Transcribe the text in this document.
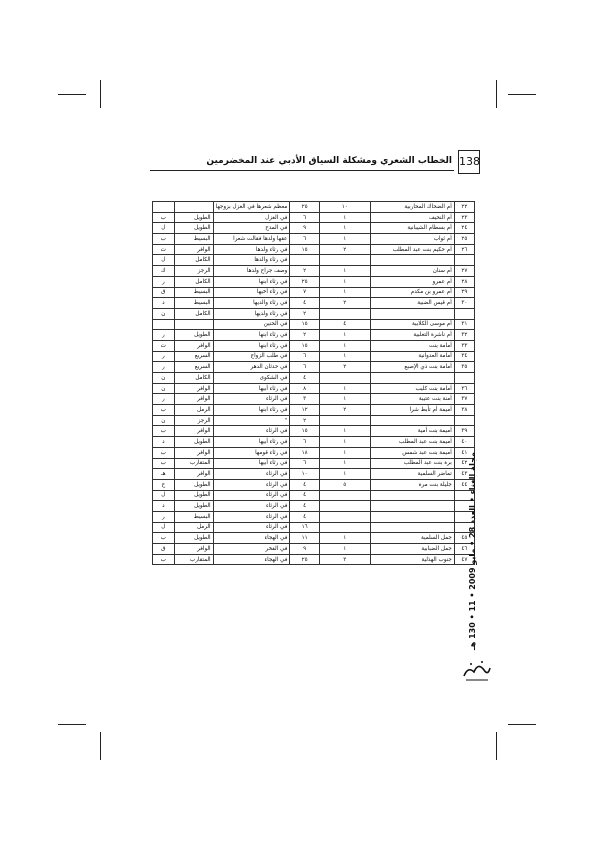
الخطاب الشعري ومشكلة السياق الأدبي عند المخضرمين 138
٢٢	أم الضحاك المحاربية	١٠	٢٥	معظم شعرها في الغزل بزوجها		
٢٣	أم النحيف	١	٦	في الغزل	الطويل	ب
٢٤	أم بسطام الشيبانية	١	٩	في المدح	الطويل	ل
٢٥	أم ثواب	١	٦	عقها ولدها فقالت شعرا	البسيط	ب
٢٦	أم حكيم بنت عبد المطلب	٢	١٥	في رثاء ولدها	الوافر	ت
				في رثاء والدها	الكامل	ل
٢٧	أم سنان	١	٢	وصف جراح ولدها	الرجز	ك
٢٨	أم عمرو	١	٢٥	في رثاء ابنها	الكامل	ر
٢٩	أم عمرو بن مكدم	١	٧	في رثاء أخيها	البسيط	ق
٣٠	أم قيس الضبية	٢	٤	في رثاء والديها	البسيط	د
			٢	في رثاء ولديها	الكامل	ن
٣١	أم موسى الكلابية	٤	١٥	في الحنين		
٣٢	أم ناشرة التغلبية	١	٢	في رثاء ابنها	الطويل	ر
٣٣	أمامة بنت	١	١٥	في رثاء ابنها	الوافر	ت
٣٤	أمامة العدوانية	١	٦	في طلب الزواج	السريع	ر
٣٥	أمامة بنت ذي الإصبع	٢	٦	في حدثان الدهر	السريع	ر
			٤	في الشكوى	الكامل	ن
٣٦	أمامة بنت كليب	١	٨	في رثاء أبيها	الوافر	ن
٣٧	أمنة بنت عتيبة	١	٣	في الرثاء	الوافر	ر
٣٨	أميمة أم تأبط شرا	٢	١٢	في رثاء ابنها	الرمل	ب
			٢	"	الرجز	ن
٣٩	أميمة بنت أمية	١	١٥	في الرثاء	الوافر	ب
٤٠	أميمة بنت عبد المطلب	١	٦	في رثاء أبيها	الطويل	د
٤١	أميمة بنت عبد شمس	١	١٨	في رثاء قومها	الوافر	ب
٤٢	برة بنت عبد المطلب	١	٦	في رثاء أبيها	المتقارب	ب
٤٣	تماضر السلمية	١	١٠	في الرثاء	الوافر	هـ
٤٤	جليلة بنت مرة	٥	٤	في الرثاء	الطويل	ح
			٤	في الرثاء	الطويل	ل
			٤	في الرثاء	الطويل	د
			٤	في الرثاء	البسيط	ر
			١٦	في الرثاء	الرمل	ل
٤٥	جمل السلمية	١	١١	في الهجاء	الطويل	ب
٤٦	جمل الضبابية	١	٩	في الفخر	الوافر	ق
٤٧	جنوب الهذلية	٣	٢٥	في الهجاء	المتقارب	ب
مجلة الغناء • العدد 28 • مايو 2009 • 11 • 130 هـ
